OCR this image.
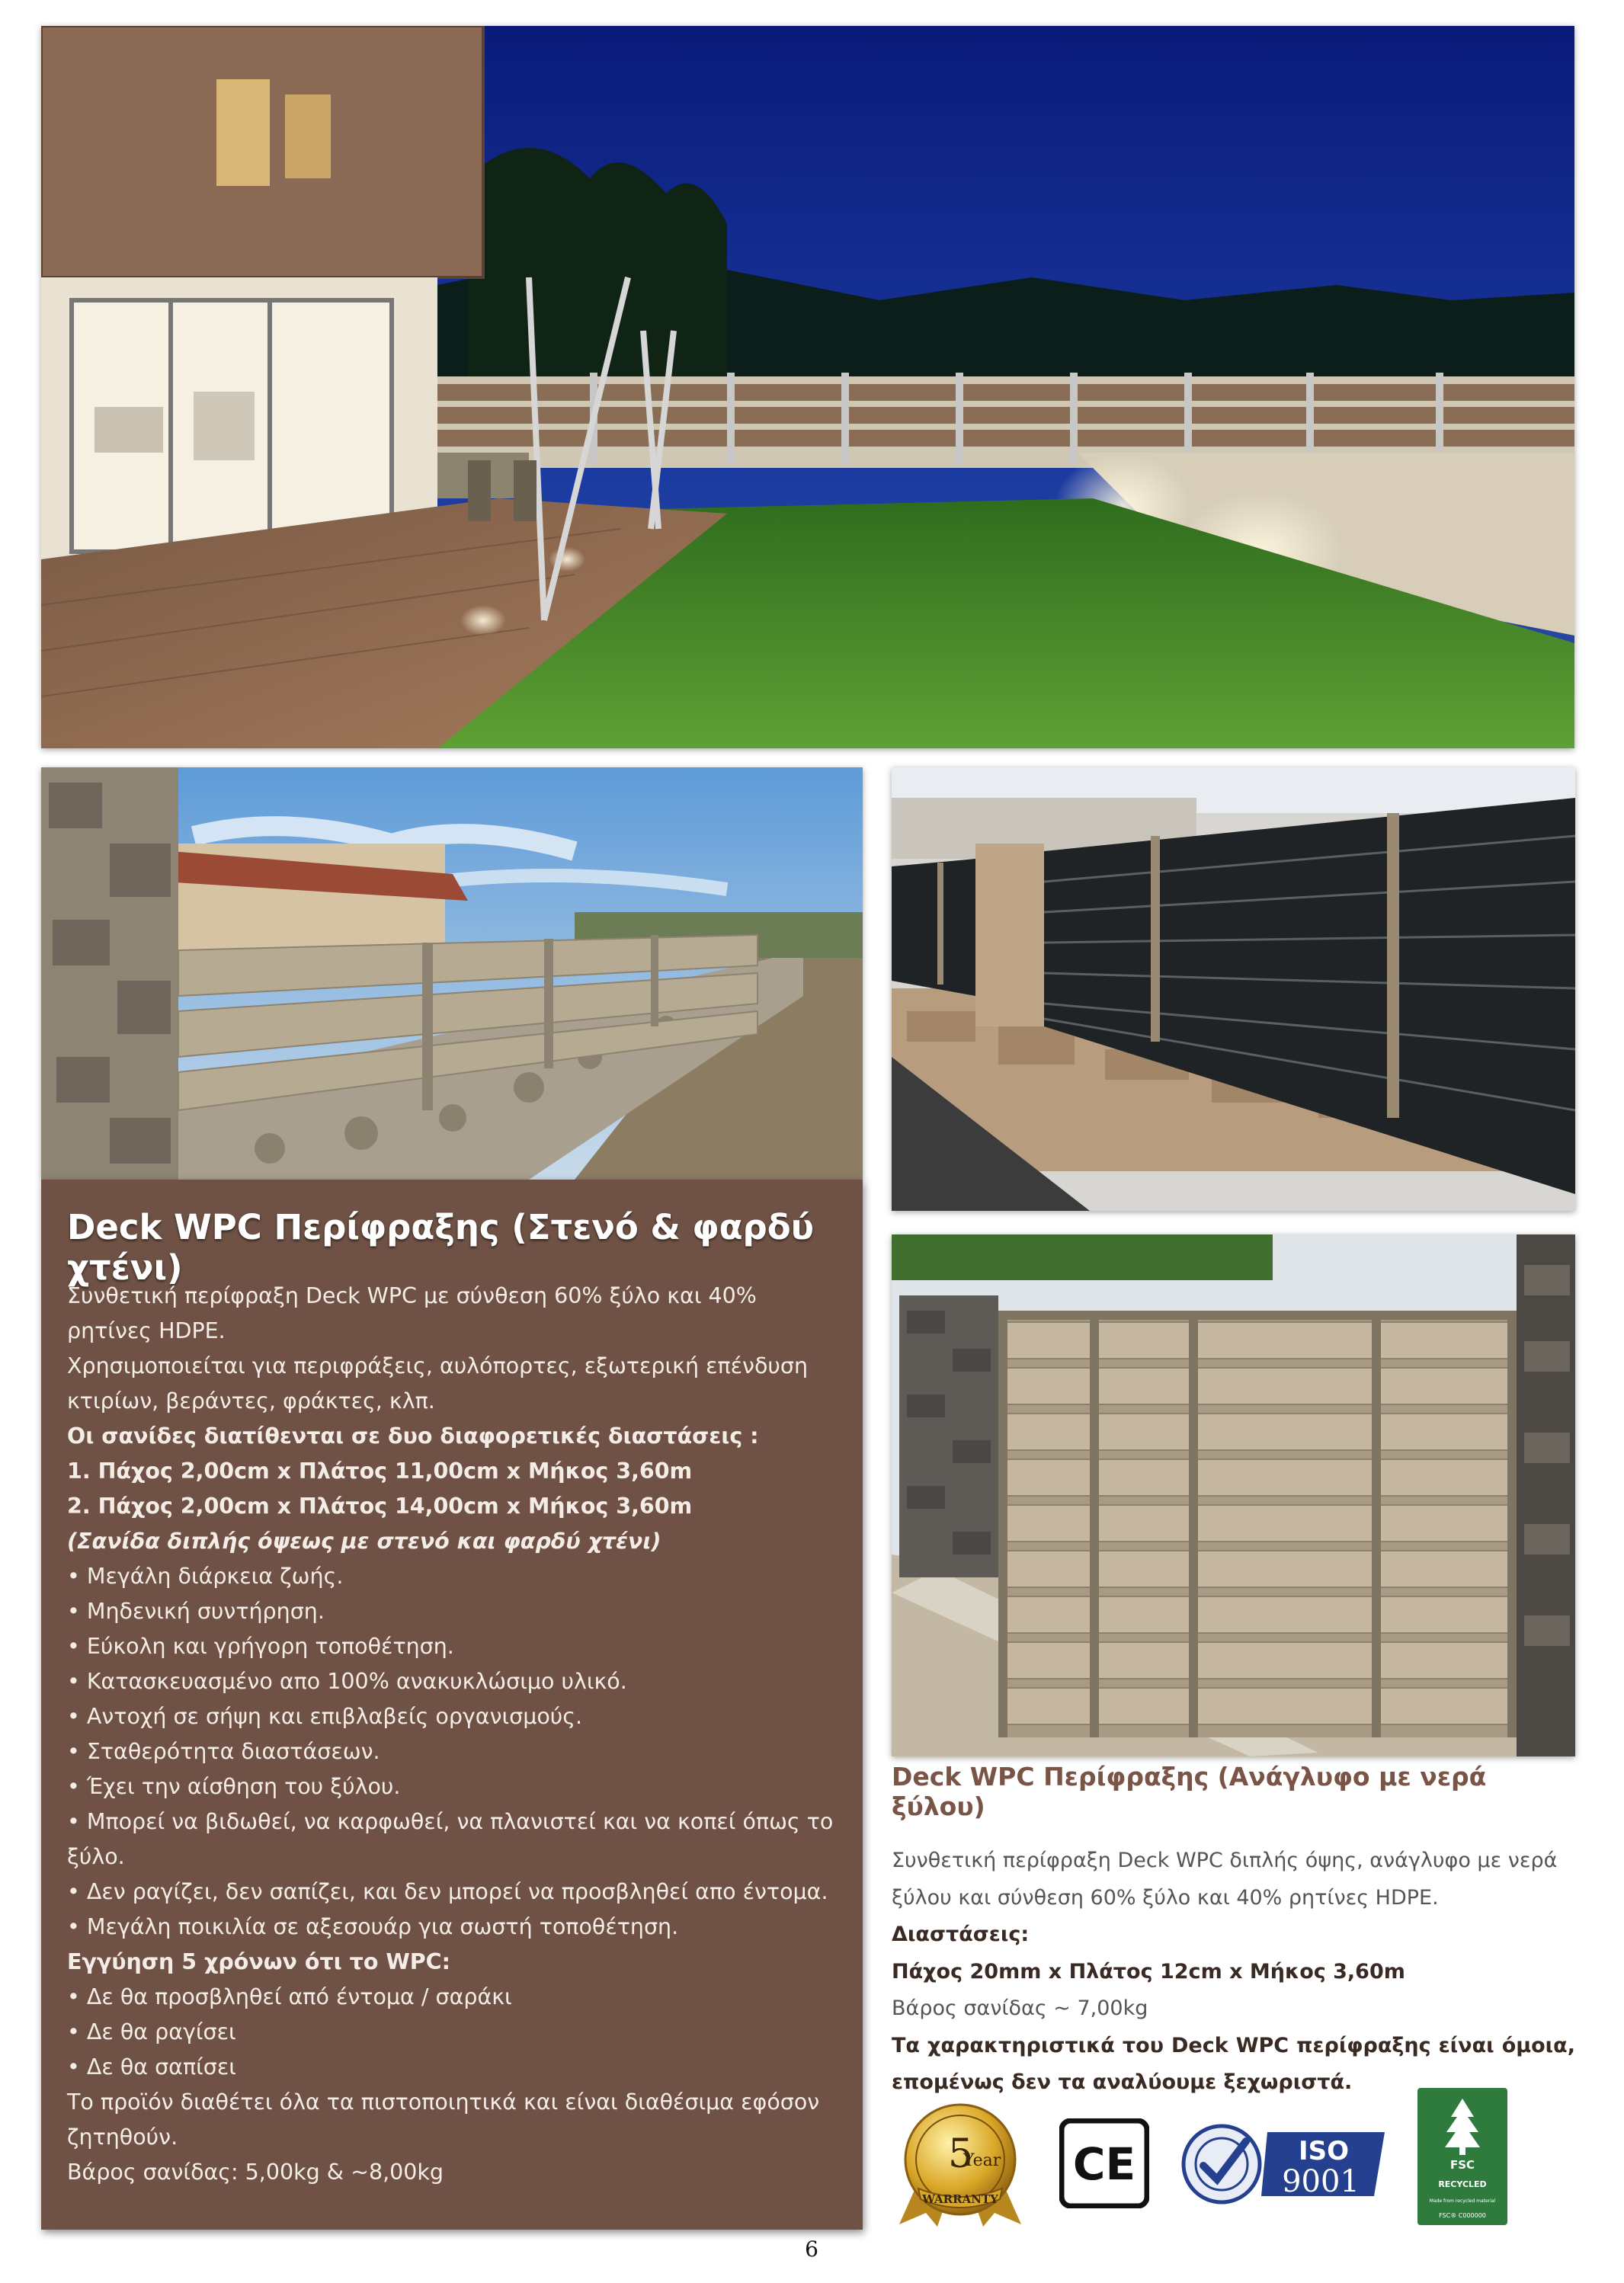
Deck WPC Περίφραξης (Στενό & φαρδύ χτένι)

Συνθετική περίφραξη Deck WPC με σύνθεση 60% ξύλο και 40% ρητίνες HDPE.

Χρησιμοποιείται για περιφράξεις, αυλόπορτες, εξωτερική επένδυση κτιρίων, βεράντες, φράκτες, κλπ.

Οι σανίδες διατίθενται σε δυο διαφορετικές διαστάσεις :

1. Πάχος 2,00cm x Πλάτος 11,00cm x Μήκος 3,60m

2. Πάχος 2,00cm x Πλάτος 14,00cm x Μήκος 3,60m

(Σανίδα διπλής όψεως με στενό και φαρδύ χτένι)

• Μεγάλη διάρκεια ζωής.

• Μηδενική συντήρηση.

• Εύκολη και γρήγορη τοποθέτηση.

• Κατασκευασμένο απο 100% ανακυκλώσιμο υλικό.

• Αντοχή σε σήψη και επιβλαβείς οργανισμούς.

• Σταθερότητα διαστάσεων.

• Έχει την αίσθηση του ξύλου.

• Μπορεί να βιδωθεί, να καρφωθεί, να πλανιστεί και να κοπεί όπως το ξύλο.

• Δεν ραγίζει, δεν σαπίζει, και δεν μπορεί να προσβληθεί απο έντομα.

• Μεγάλη ποικιλία σε αξεσουάρ για σωστή τοποθέτηση.

Εγγύηση 5 χρόνων ότι το WPC:

• Δε θα προσβληθεί από έντομα / σαράκι

• Δε θα ραγίσει

• Δε θα σαπίσει

Το προϊόν διαθέτει όλα τα πιστοποιητικά και είναι διαθέσιμα εφόσον ζητηθούν.

Βάρος σανίδας: 5,00kg & ~8,00kg

Deck WPC Περίφραξης (Ανάγλυφο με νερά ξύλου)

Συνθετική περίφραξη Deck WPC διπλής όψης, ανάγλυφο με νερά ξύλου και σύνθεση 60% ξύλο και 40% ρητίνες HDPE.

Διαστάσεις:

Πάχος 20mm x Πλάτος 12cm x Μήκος 3,60m

Βάρος σανίδας ~ 7,00kg

Τα χαρακτηριστικά του Deck WPC περίφραξης είναι όμοια, επομένως δεν τα αναλύουμε ξεχωριστά.

5
Year
WARRANTY
CE	ISO
9001	FSC
RECYCLED
Made from recycled material
FSC® C000000
6
